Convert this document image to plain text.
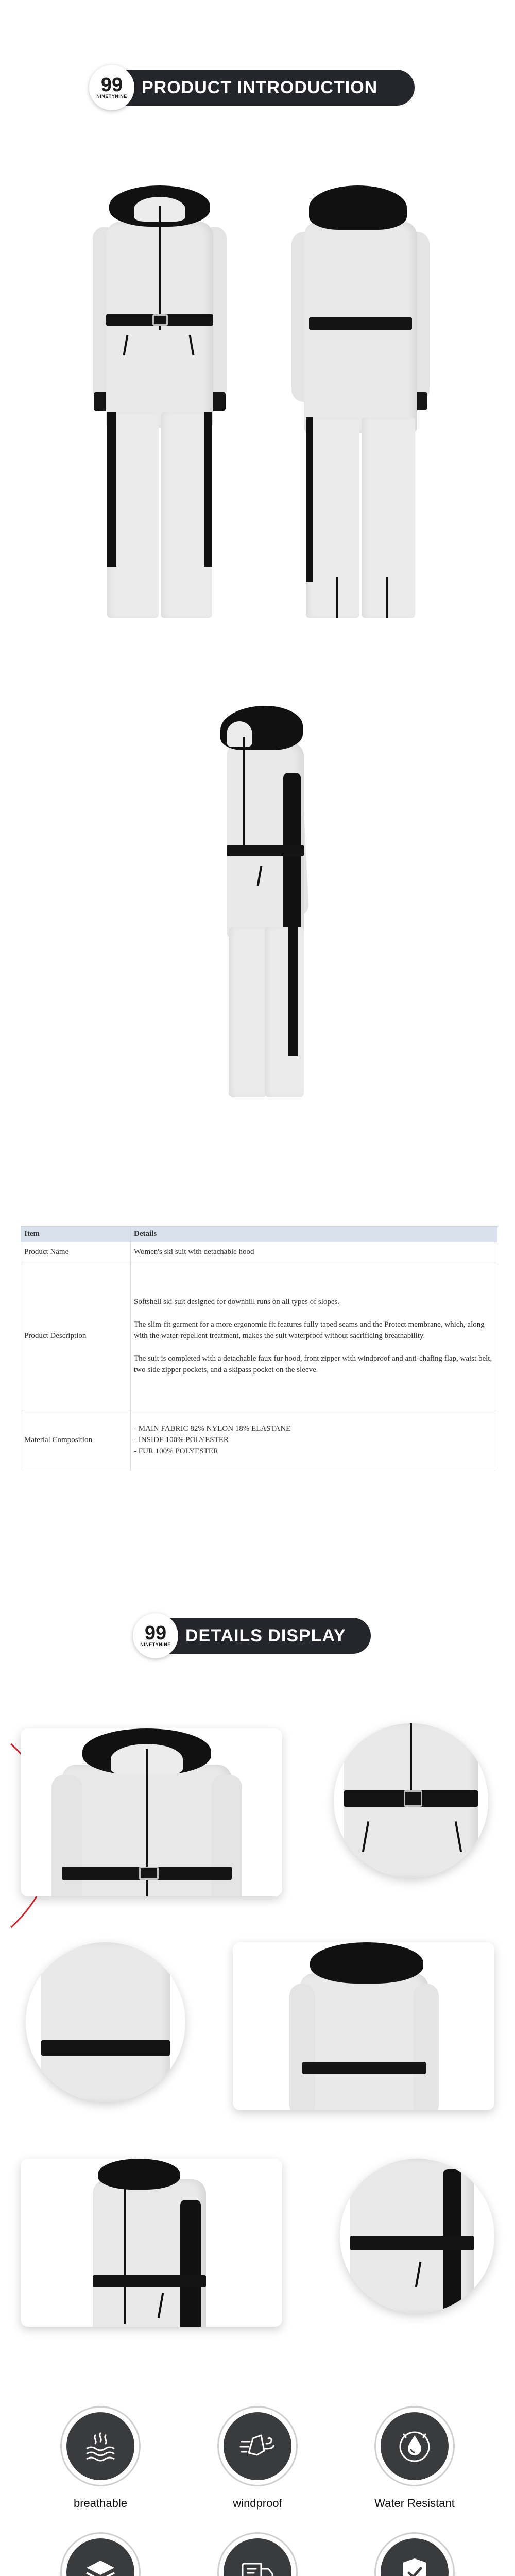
99
NINETYNINE PRODUCT INTRODUCTION
Item	Details
Product Name	Women's ski suit with detachable hood
Product Description	Softshell ski suit designed for downhill runs on all types of slopes.

The slim-fit garment for a more ergonomic fit features fully taped seams and the Protect membrane, which, along with the water-repellent treatment, makes the suit waterproof without sacrificing breathability.

The suit is completed with a detachable faux fur hood, front zipper with windproof and anti-chafing flap, waist belt, two side zipper pockets, and a skipass pocket on the sleeve.

Material Composition	- MAIN FABRIC 82% NYLON 18% ELASTANE
- INSIDE 100% POLYESTER
- FUR 100% POLYESTER
99
NINETYNINE DETAILS DISPLAY
breathable	windproof	Water Resistant
